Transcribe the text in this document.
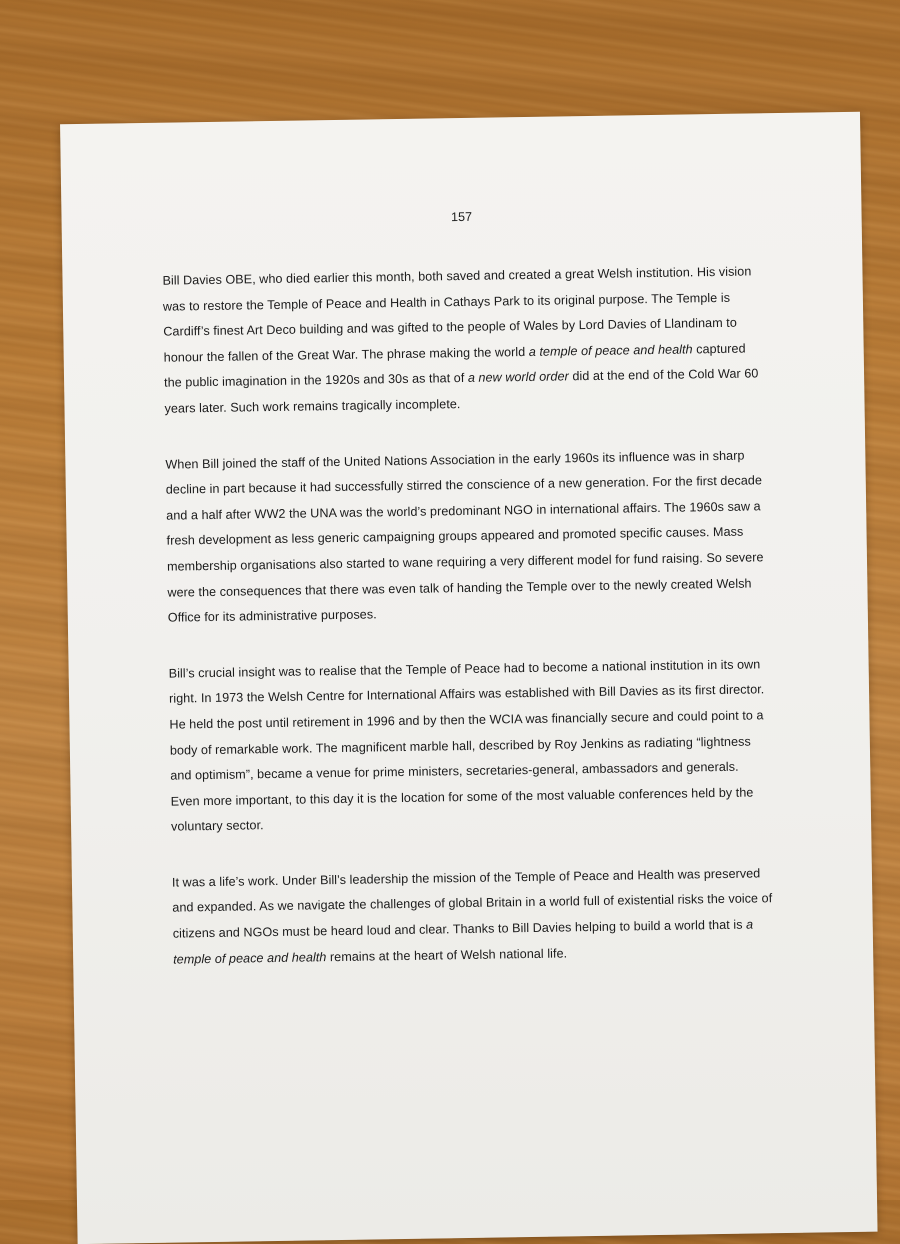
157

Bill Davies OBE, who died earlier this month, both saved and created a great Welsh institution. His vision was to restore the Temple of Peace and Health in Cathays Park to its original purpose. The Temple is Cardiff’s finest Art Deco building and was gifted to the people of Wales by Lord Davies of Llandinam to honour the fallen of the Great War. The phrase making the world a temple of peace and health captured the public imagination in the 1920s and 30s as that of a new world order did at the end of the Cold War 60 years later. Such work remains tragically incomplete.

When Bill joined the staff of the United Nations Association in the early 1960s its influence was in sharp decline in part because it had successfully stirred the conscience of a new generation. For the first decade and a half after WW2 the UNA was the world’s predominant NGO in international affairs. The 1960s saw a fresh development as less generic campaigning groups appeared and promoted specific causes. Mass membership organisations also started to wane requiring a very different model for fund raising. So severe were the consequences that there was even talk of handing the Temple over to the newly created Welsh Office for its administrative purposes.

Bill’s crucial insight was to realise that the Temple of Peace had to become a national institution in its own right. In 1973 the Welsh Centre for International Affairs was established with Bill Davies as its first director. He held the post until retirement in 1996 and by then the WCIA was financially secure and could point to a body of remarkable work. The magnificent marble hall, described by Roy Jenkins as radiating “lightness and optimism”, became a venue for prime ministers, secretaries-general, ambassadors and generals. Even more important, to this day it is the location for some of the most valuable conferences held by the voluntary sector.

It was a life’s work. Under Bill’s leadership the mission of the Temple of Peace and Health was preserved and expanded. As we navigate the challenges of global Britain in a world full of existential risks the voice of citizens and NGOs must be heard loud and clear. Thanks to Bill Davies helping to build a world that is a temple of peace and health remains at the heart of Welsh national life.
